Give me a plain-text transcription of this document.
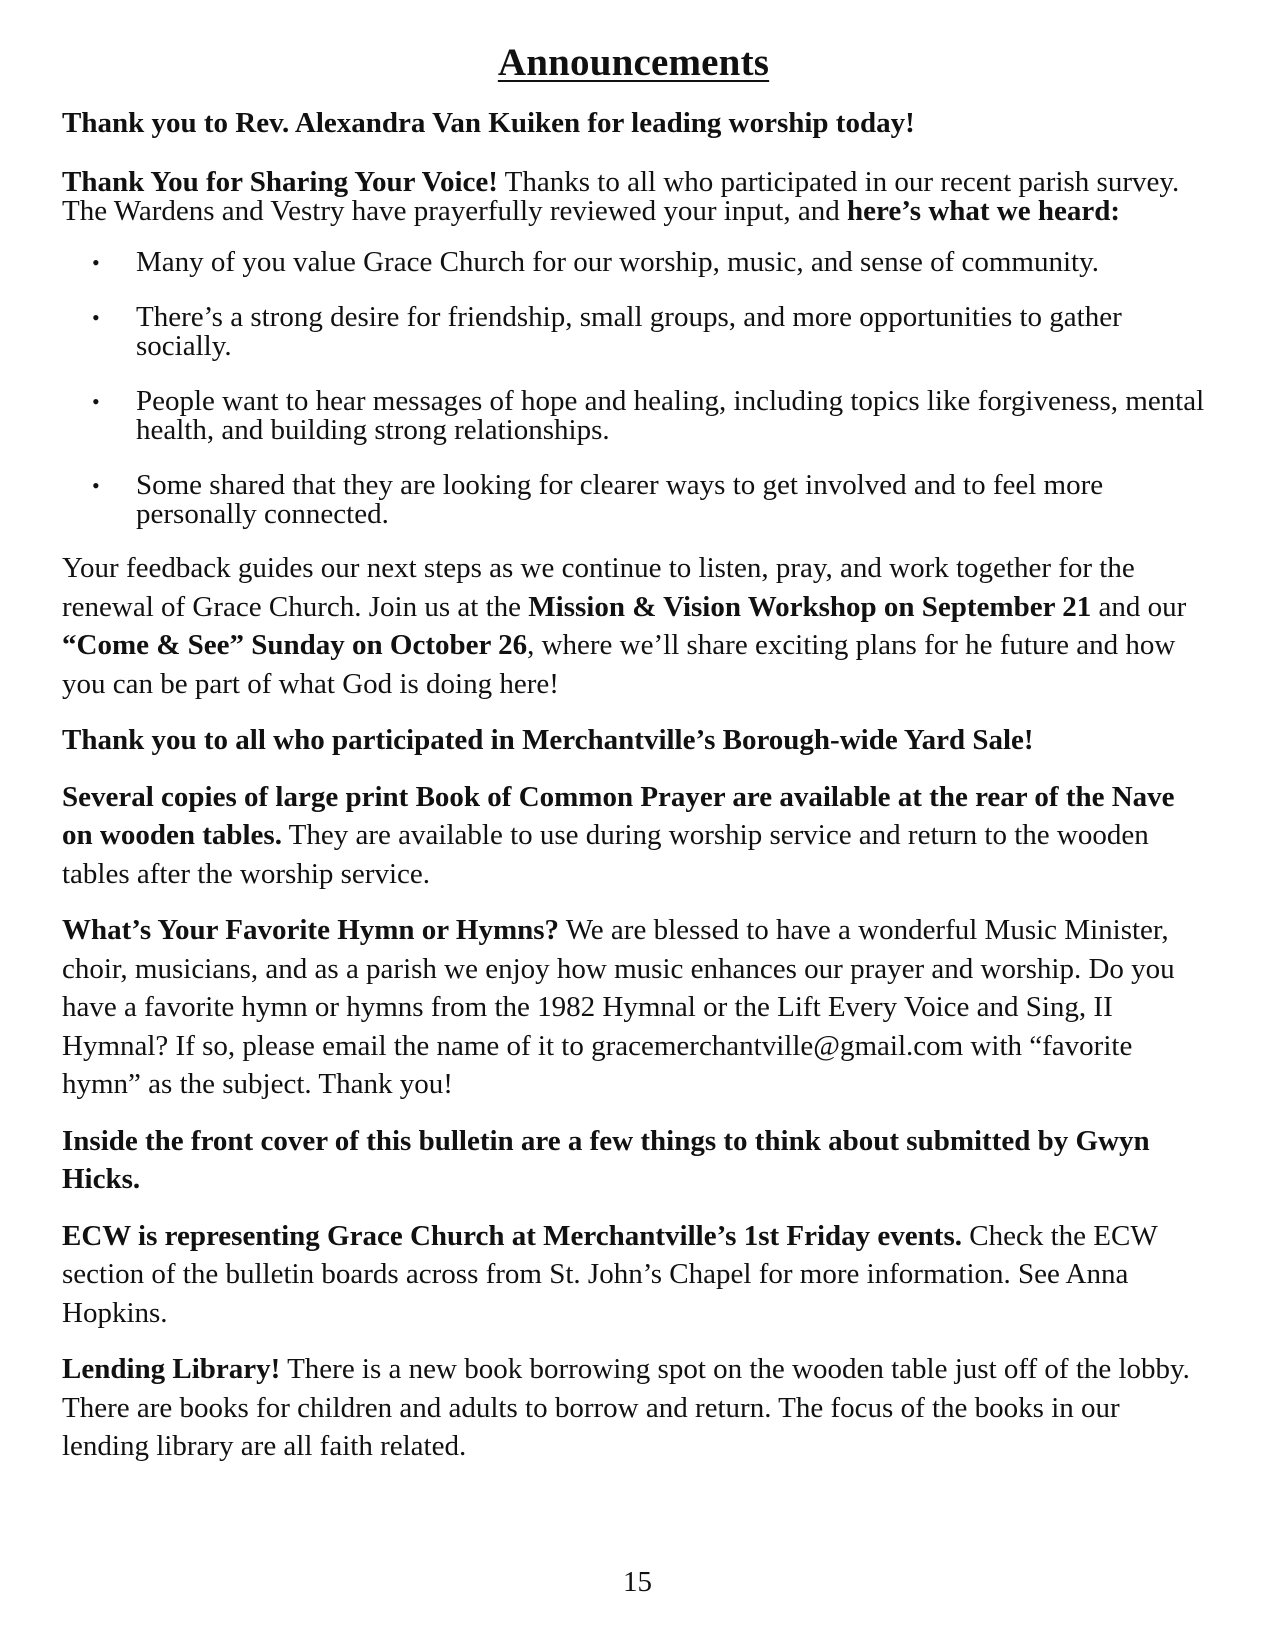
Announcements

Thank you to Rev. Alexandra Van Kuiken for leading worship today!

Thank You for Sharing Your Voice! Thanks to all who participated in our recent parish survey. The Wardens and Vestry have prayerfully reviewed your input, and here’s what we heard:

• Many of you value Grace Church for our worship, music, and sense of community.
• There’s a strong desire for friendship, small groups, and more opportunities to gather socially.
• People want to hear messages of hope and healing, including topics like forgiveness, mental health, and building strong relationships.
• Some shared that they are looking for clearer ways to get involved and to feel more personally connected.

Your feedback guides our next steps as we continue to listen, pray, and work together for the renewal of Grace Church. Join us at the Mission & Vision Workshop on September 21 and our “Come & See” Sunday on October 26, where we’ll share exciting plans for he future and how you can be part of what God is doing here!

Thank you to all who participated in Merchantville’s Borough-wide Yard Sale!

Several copies of large print Book of Common Prayer are available at the rear of the Nave on wooden tables. They are available to use during worship service and return to the wooden tables after the worship service.

What’s Your Favorite Hymn or Hymns? We are blessed to have a wonderful Music Minister, choir, musicians, and as a parish we enjoy how music enhances our prayer and worship. Do you have a favorite hymn or hymns from the 1982 Hymnal or the Lift Every Voice and Sing, II Hymnal? If so, please email the name of it to gracemerchantville@gmail.com with “favorite hymn” as the subject. Thank you!

Inside the front cover of this bulletin are a few things to think about submitted by Gwyn Hicks.

ECW is representing Grace Church at Merchantville’s 1st Friday events. Check the ECW section of the bulletin boards across from St. John’s Chapel for more information. See Anna Hopkins.

Lending Library! There is a new book borrowing spot on the wooden table just off of the lobby. There are books for children and adults to borrow and return. The focus of the books in our lending library are all faith related.

15
